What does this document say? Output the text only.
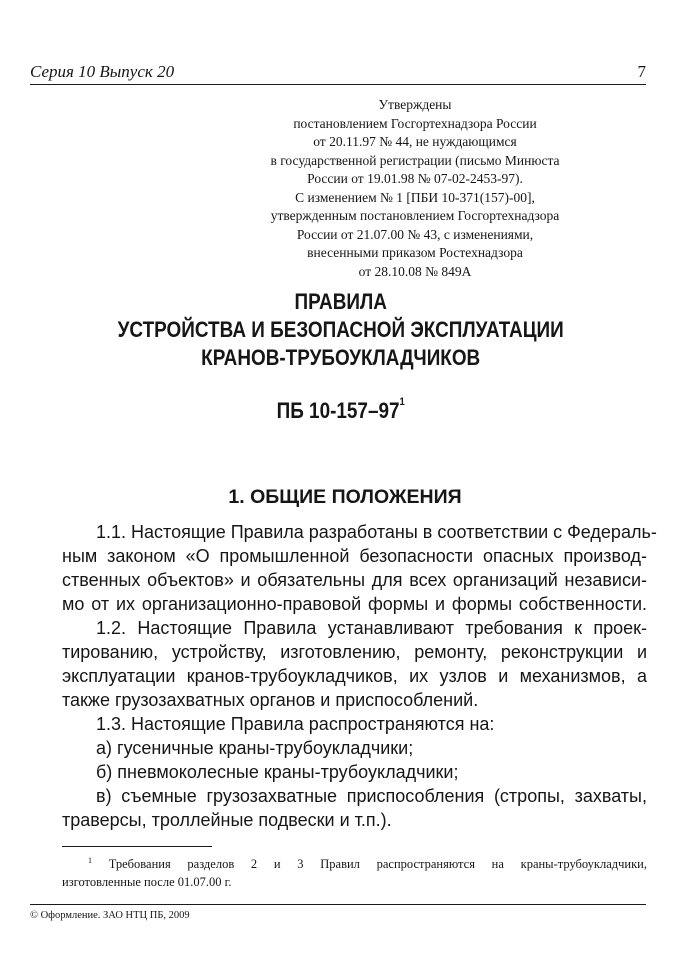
Серия 10 Выпуск 20	7
Утверждены
постановлением Госгортехнадзора России
от 20.11.97 № 44, не нуждающимся
в государственной регистрации (письмо Минюста
России от 19.01.98 № 07-02-2453-97).
С изменением № 1 [ПБИ 10-371(157)-00],
утвержденным постановлением Госгортехнадзора
России от 21.07.00 № 43, с изменениями,
внесенными приказом Ростехнадзора
от 28.10.08 № 849А
ПРАВИЛА
УСТРОЙСТВА И БЕЗОПАСНОЙ ЭКСПЛУАТАЦИИ
КРАНОВ-ТРУБОУКЛАДЧИКОВ
ПБ $10-157-97^1$
1. ОБЩИЕ ПОЛОЖЕНИЯ
1.1. Настоящие Правила разработаны в соответствии с Федераль-
ным законом «О промышленной безопасности опасных производ-
ственных объектов» и обязательны для всех организаций независи-
мо от их организационно-правовой формы и формы собственности.
1.2. Настоящие Правила устанавливают требования к проек-
тированию, устройству, изготовлению, ремонту, реконструкции и
эксплуатации кранов-трубоукладчиков, их узлов и механизмов, а
также грузозахватных органов и приспособлений.
1.3. Настоящие Правила распространяются на:
а) гусеничные краны-трубоукладчики;
б) пневмоколесные краны-трубоукладчики;
в) съемные грузозахватные приспособления (стропы, захваты,
траверсы, троллейные подвески и т.п.).
$^1$ Требования разделов 2 и 3 Правил распространяются на краны-трубоукладчики,
изготовленные после 01.07.00 г.
© Оформление. ЗАО НТЦ ПБ, 2009
